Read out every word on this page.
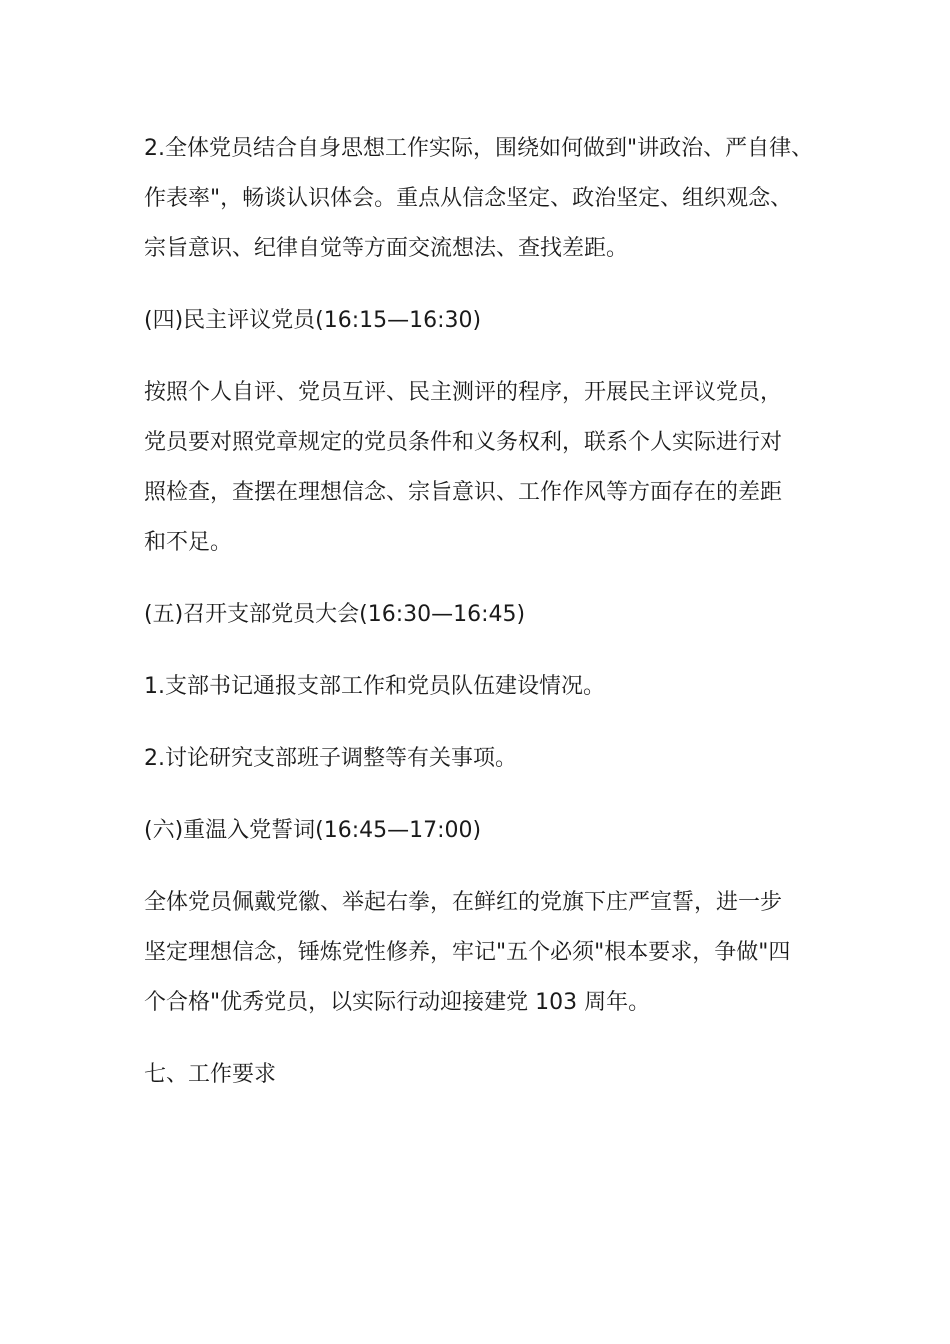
2.全体党员结合自身思想工作实际，围绕如何做到"讲政治、严自律、
作表率"，畅谈认识体会。重点从信念坚定、政治坚定、组织观念、
宗旨意识、纪律自觉等方面交流想法、查找差距。

(四)民主评议党员(16:15—16:30)

按照个人自评、党员互评、民主测评的程序，开展民主评议党员，
党员要对照党章规定的党员条件和义务权利，联系个人实际进行对
照检查，查摆在理想信念、宗旨意识、工作作风等方面存在的差距
和不足。

(五)召开支部党员大会(16:30—16:45)

1.支部书记通报支部工作和党员队伍建设情况。

2.讨论研究支部班子调整等有关事项。

(六)重温入党誓词(16:45—17:00)

全体党员佩戴党徽、举起右拳，在鲜红的党旗下庄严宣誓，进一步
坚定理想信念，锤炼党性修养，牢记"五个必须"根本要求，争做"四
个合格"优秀党员，以实际行动迎接建党 103 周年。

七、工作要求
